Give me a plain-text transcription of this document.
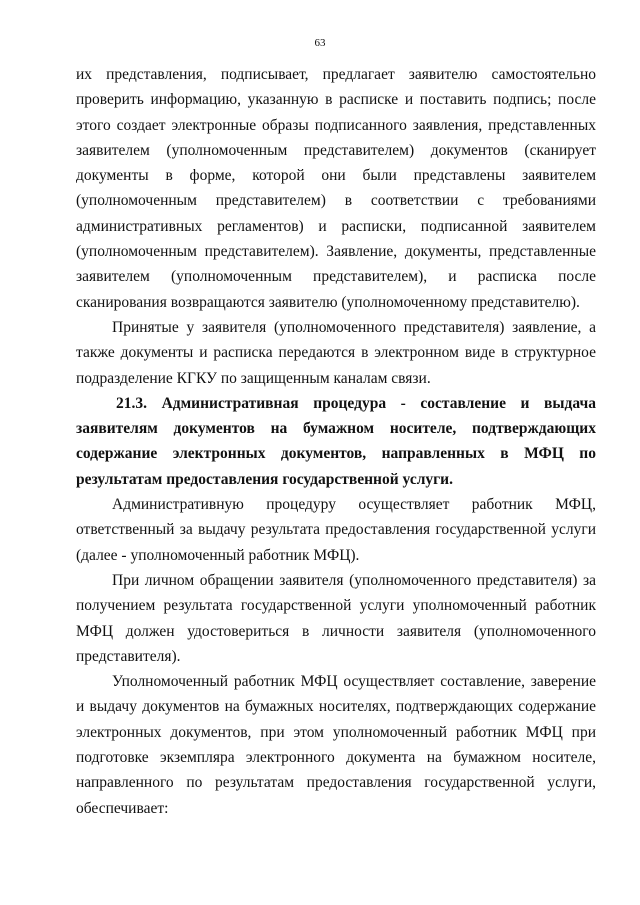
63

их представления, подписывает, предлагает заявителю самостоятельно проверить информацию, указанную в расписке и поставить подпись; после этого создает электронные образы подписанного заявления, представленных заявителем (уполномоченным представителем) документов (сканирует документы в форме, которой они были представлены заявителем (уполномоченным представителем) в соответствии с требованиями административных регламентов) и расписки, подписанной заявителем (уполномоченным представителем). Заявление, документы, представленные заявителем (уполномоченным представителем), и расписка после сканирования возвращаются заявителю (уполномоченному представителю).

Принятые у заявителя (уполномоченного представителя) заявление, а также документы и расписка передаются в электронном виде в структурное подразделение КГКУ по защищенным каналам связи.

21.3. Административная процедура - составление и выдача заявителям документов на бумажном носителе, подтверждающих содержание электронных документов, направленных в МФЦ по результатам предоставления государственной услуги.

Административную процедуру осуществляет работник МФЦ, ответственный за выдачу результата предоставления государственной услуги (далее - уполномоченный работник МФЦ).

При личном обращении заявителя (уполномоченного представителя) за получением результата государственной услуги уполномоченный работник МФЦ должен удостовериться в личности заявителя (уполномоченного представителя).

Уполномоченный работник МФЦ осуществляет составление, заверение и выдачу документов на бумажных носителях, подтверждающих содержание электронных документов, при этом уполномоченный работник МФЦ при подготовке экземпляра электронного документа на бумажном носителе, направленного по результатам предоставления государственной услуги, обеспечивает:
